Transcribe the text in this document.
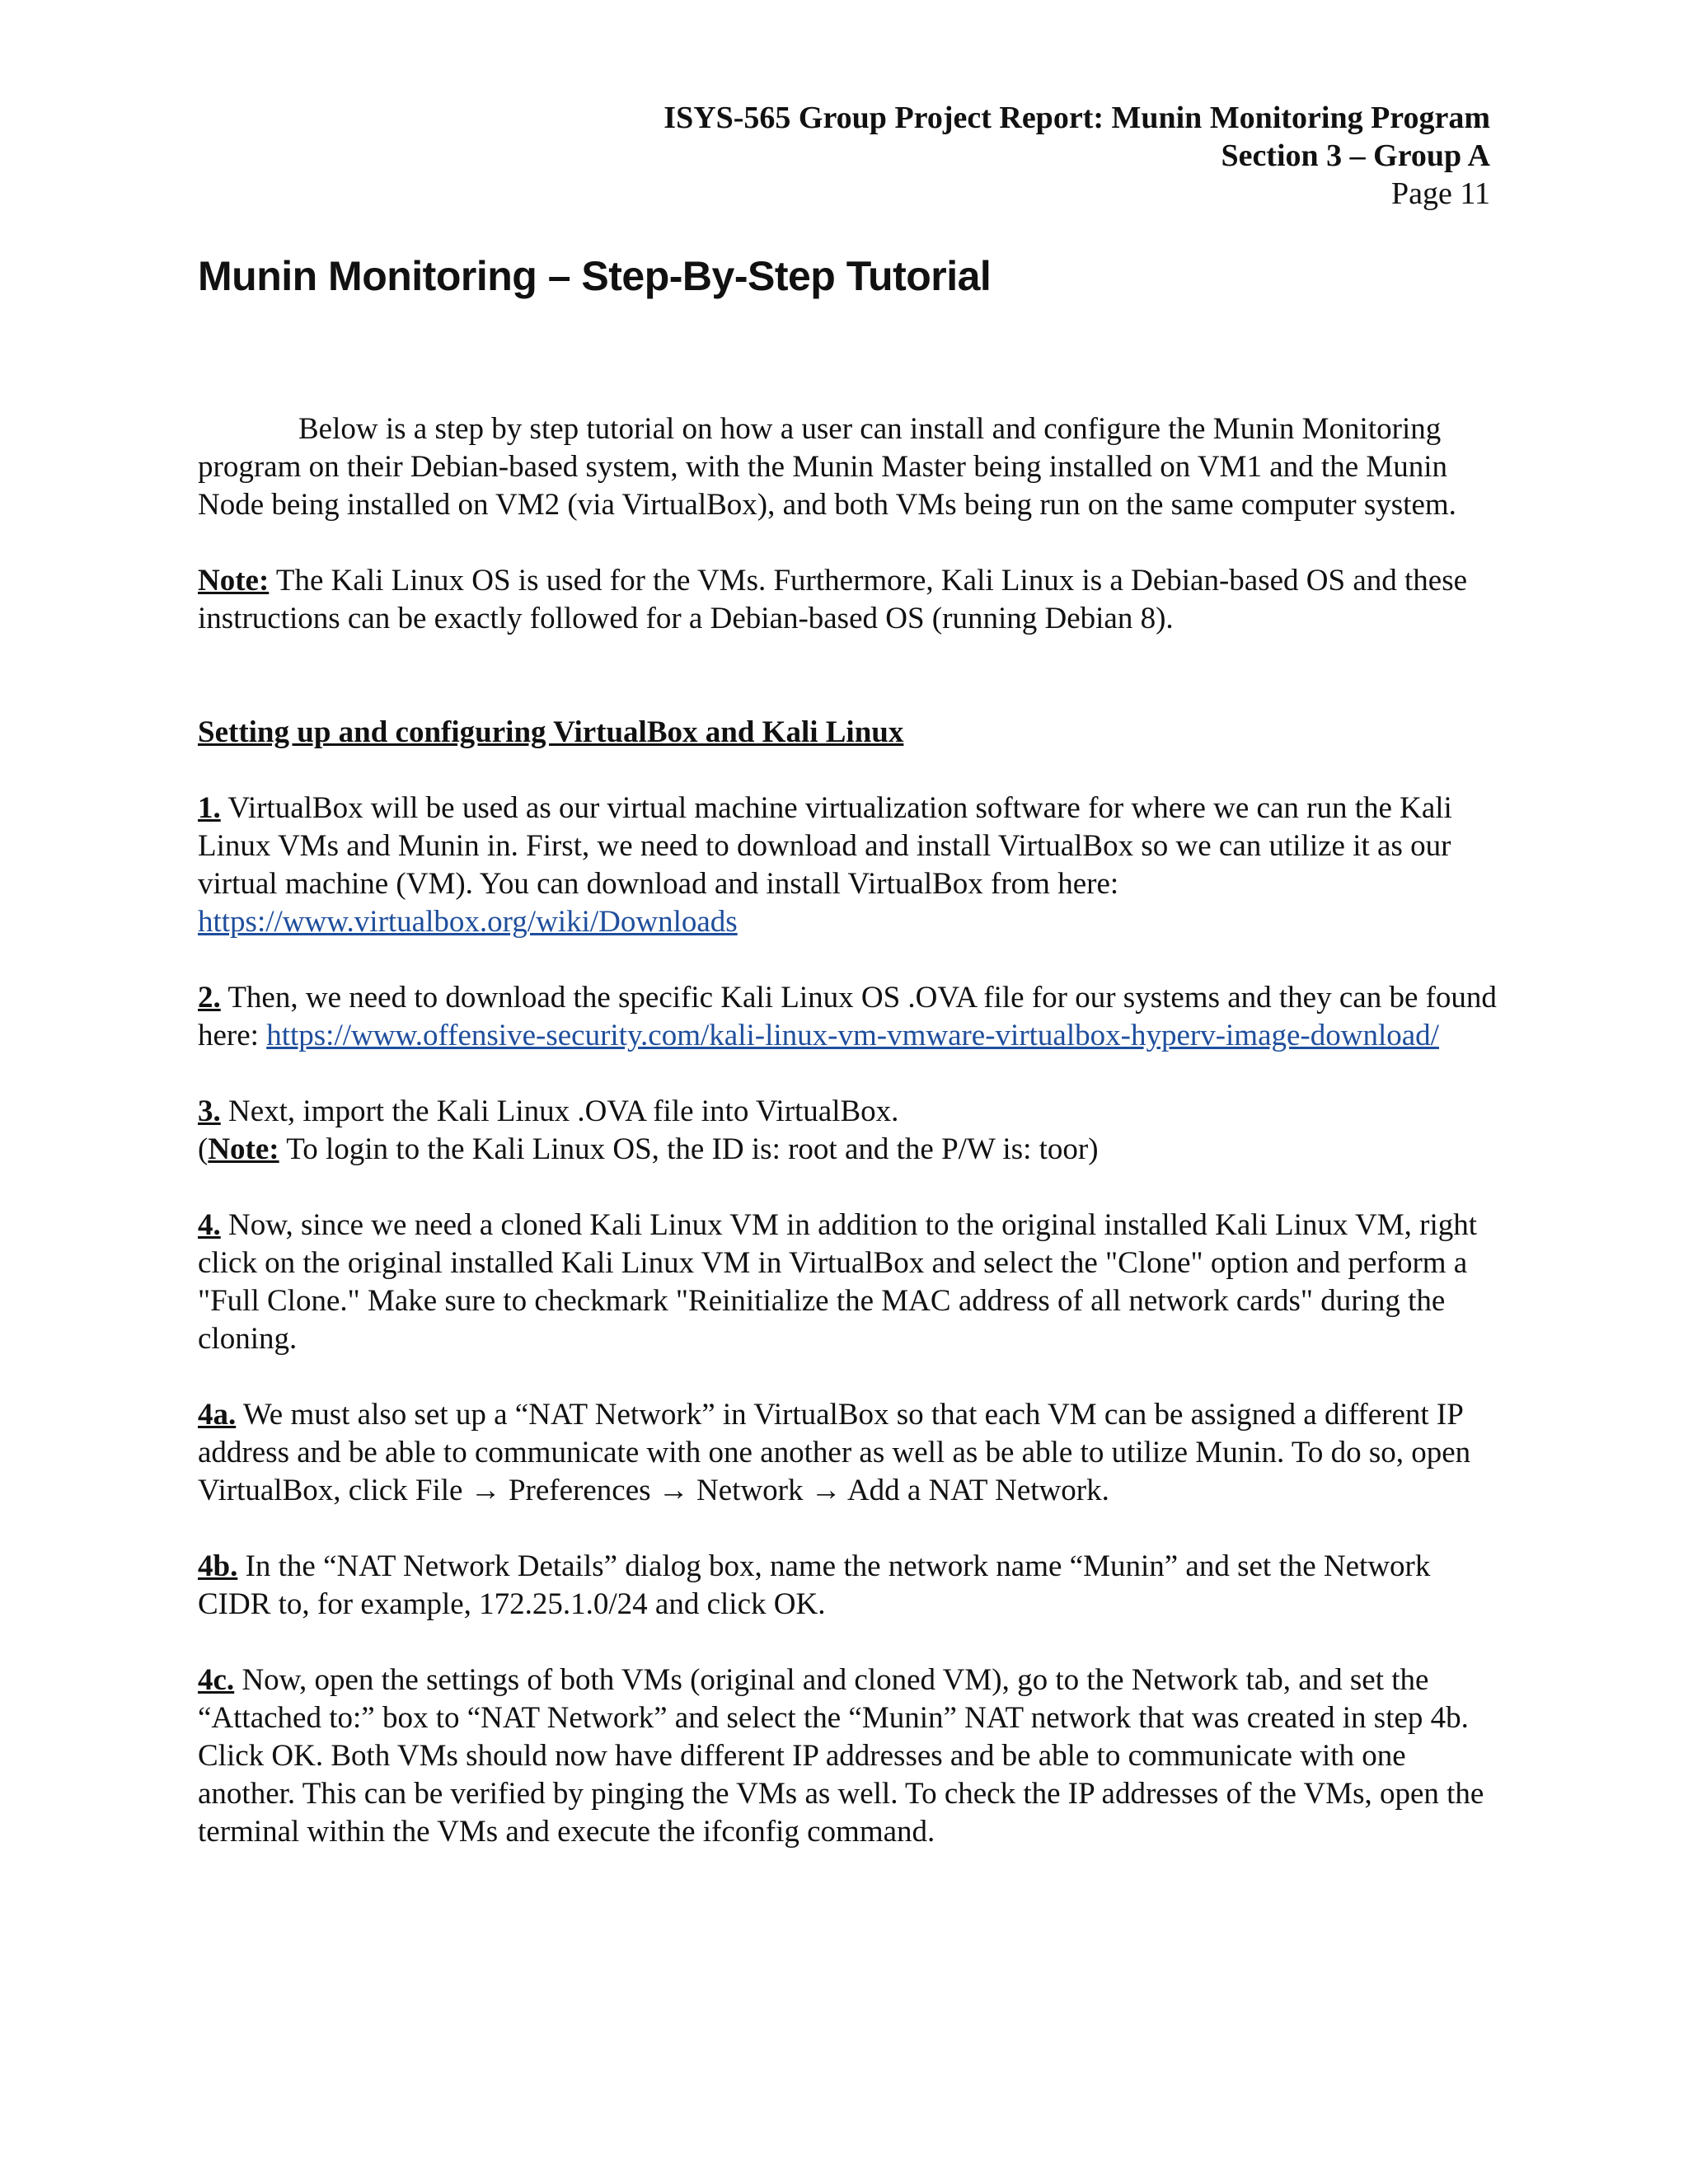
ISYS-565 Group Project Report: Munin Monitoring Program
Section 3 – Group A
Page 11
Munin Monitoring – Step-By-Step Tutorial

Below is a step by step tutorial on how a user can install and configure the Munin Monitoring program on their Debian-based system, with the Munin Master being installed on VM1 and the Munin Node being installed on VM2 (via VirtualBox), and both VMs being run on the same computer system.

Note: The Kali Linux OS is used for the VMs. Furthermore, Kali Linux is a Debian-based OS and these instructions can be exactly followed for a Debian-based OS (running Debian 8).

Setting up and configuring VirtualBox and Kali Linux

1. VirtualBox will be used as our virtual machine virtualization software for where we can run the Kali Linux VMs and Munin in. First, we need to download and install VirtualBox so we can utilize it as our virtual machine (VM). You can download and install VirtualBox from here: https://www.virtualbox.org/wiki/Downloads

2. Then, we need to download the specific Kali Linux OS .OVA file for our systems and they can be found here: https://www.offensive-security.com/kali-linux-vm-vmware-virtualbox-hyperv-image-download/

3. Next, import the Kali Linux .OVA file into VirtualBox.

(Note: To login to the Kali Linux OS, the ID is: root and the P/W is: toor)

4. Now, since we need a cloned Kali Linux VM in addition to the original installed Kali Linux VM, right click on the original installed Kali Linux VM in VirtualBox and select the "Clone" option and perform a "Full Clone." Make sure to checkmark "Reinitialize the MAC address of all network cards" during the cloning.

4a. We must also set up a “NAT Network” in VirtualBox so that each VM can be assigned a different IP address and be able to communicate with one another as well as be able to utilize Munin. To do so, open VirtualBox, click File → Preferences → Network → Add a NAT Network.

4b. In the “NAT Network Details” dialog box, name the network name “Munin” and set the Network CIDR to, for example, 172.25.1.0/24 and click OK.

4c. Now, open the settings of both VMs (original and cloned VM), go to the Network tab, and set the “Attached to:” box to “NAT Network” and select the “Munin” NAT network that was created in step 4b. Click OK. Both VMs should now have different IP addresses and be able to communicate with one another. This can be verified by pinging the VMs as well. To check the IP addresses of the VMs, open the terminal within the VMs and execute the ifconfig command.
